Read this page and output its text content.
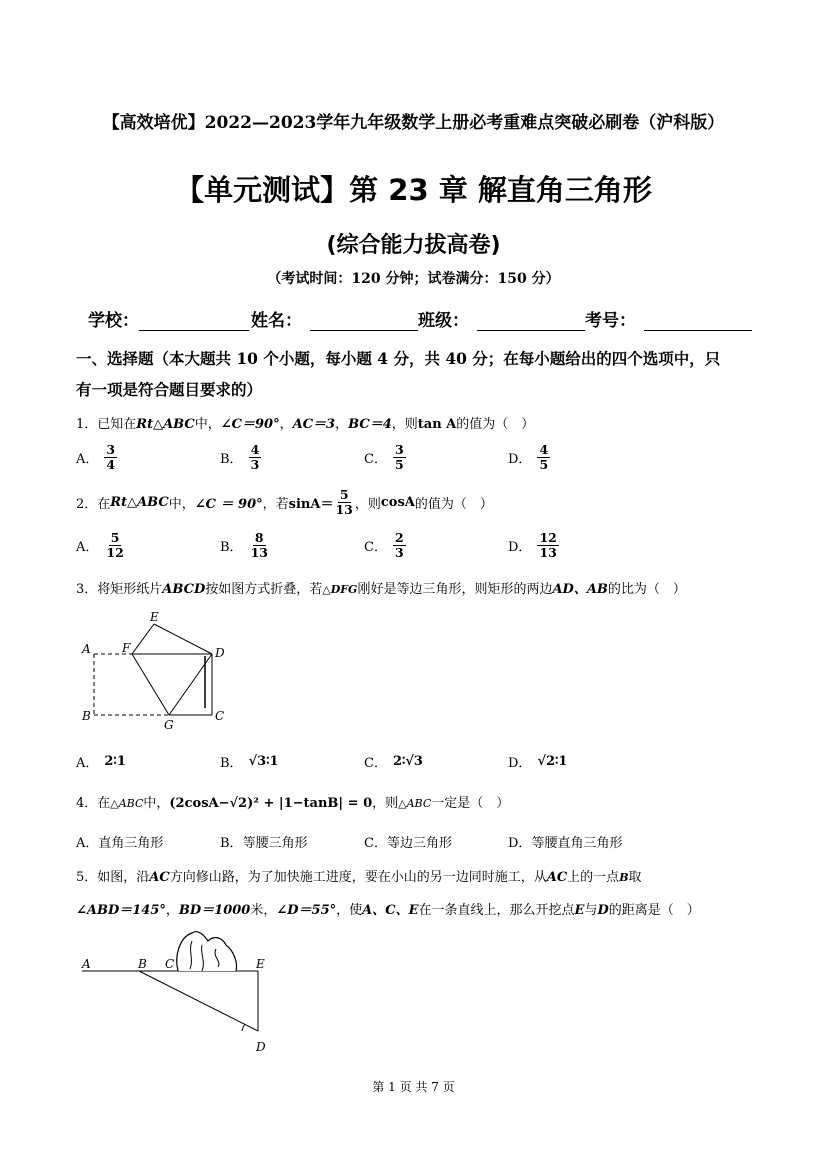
【高效培优】2022—2023学年九年级数学上册必考重难点突破必刷卷（沪科版）
【单元测试】第 23 章 解直角三角形
(综合能力拔高卷)
（考试时间：120 分钟；试卷满分：150 分）
学校：	姓名：	班级：	考号：
一、选择题（本大题共 10 个小题，每小题 4 分，共 40 分；在每小题给出的四个选项中，只
有一项是符合题目要求的）
1．已知在Rt△ABC中，∠C＝90°，AC＝3，BC＝4，则tan A的值为（　）
A． $\frac{3}{4}$	B． $\frac{4}{3}$	C． $\frac{3}{5}$	D． $\frac{4}{5}$
2．在 Rt△ABC 中， ∠C ＝ 90° ，若 $\sin A= \frac{5}{13}$ ，则 cosA 的值为（　）
A． $\frac{5}{12}$	B． $\frac{8}{13}$	C． $\frac{2}{3}$	D． $\frac{12}{13}$
3．将矩形纸片ABCD按如图方式折叠，若△DFG刚好是等边三角形，则矩形的两边AD、AB的比为（　）
A
B	C
D
E
F
G
A． 2∶1	B． √3∶1	C． 2∶√3	D． √2∶1
4．在△ABC中，(2cosA−√2)² + |1−tanB| = 0，则△ABC一定是（　）
A． 直角三角形	B． 等腰三角形	C． 等边三角形	D． 等腰直角三角形
5．如图，沿AC方向修山路，为了加快施工进度，要在小山的另一边同时施工，从AC上的一点B取
∠ABD＝145°，BD＝1000米，∠D＝55°，使A、C、E在一条直线上，那么开挖点E与D的距离是（　）
A	B C	E
D
第 1 页 共 7 页
